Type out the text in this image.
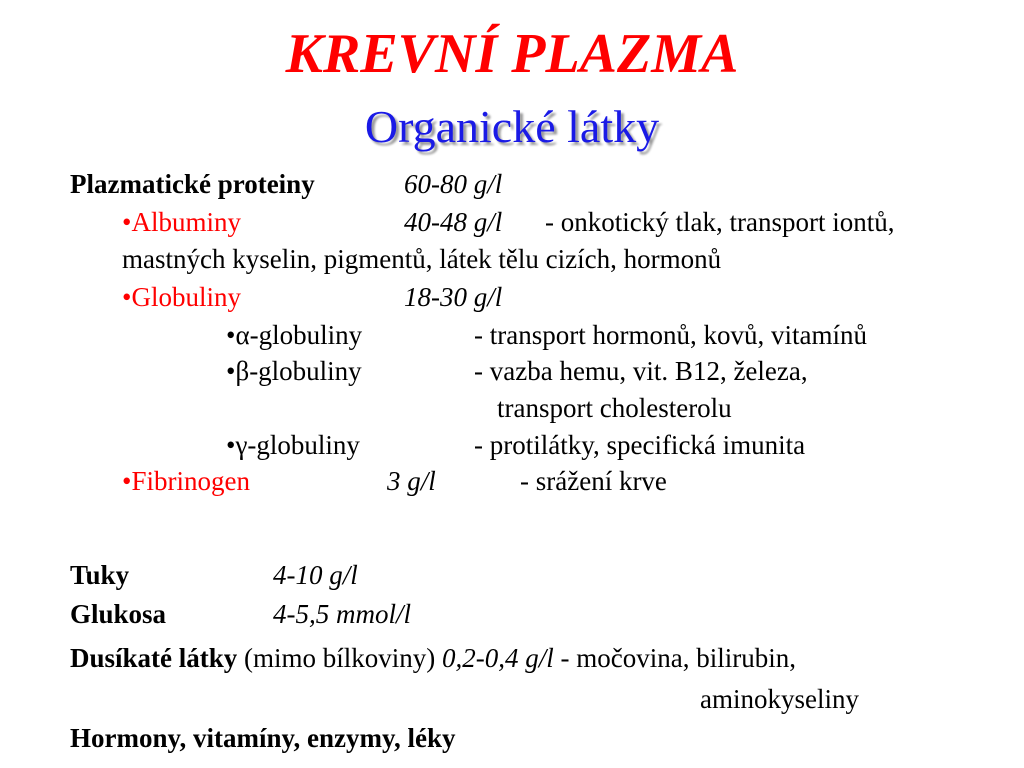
KREVNÍ PLAZMA
Organické látky
Plazmatické proteiny	60-80 g/l
•Albuminy	40-48 g/l - onkotický tlak, transport iontů,
mastných kyselin, pigmentů, látek tělu cizích, hormonů
•Globuliny	18-30 g/l
•α-globuliny	- transport hormonů, kovů, vitamínů
•β-globuliny	- vazba hemu, vit. B12, železa,
transport cholesterolu
•γ-globuliny	- protilátky, specifická imunita
•Fibrinogen	3 g/l	- srážení krve
Tuky	4-10 g/l
Glukosa	4-5,5 mmol/l
Dusíkaté látky (mimo bílkoviny) 0,2-0,4 g/l - močovina, bilirubin,
aminokyseliny
Hormony, vitamíny, enzymy, léky
